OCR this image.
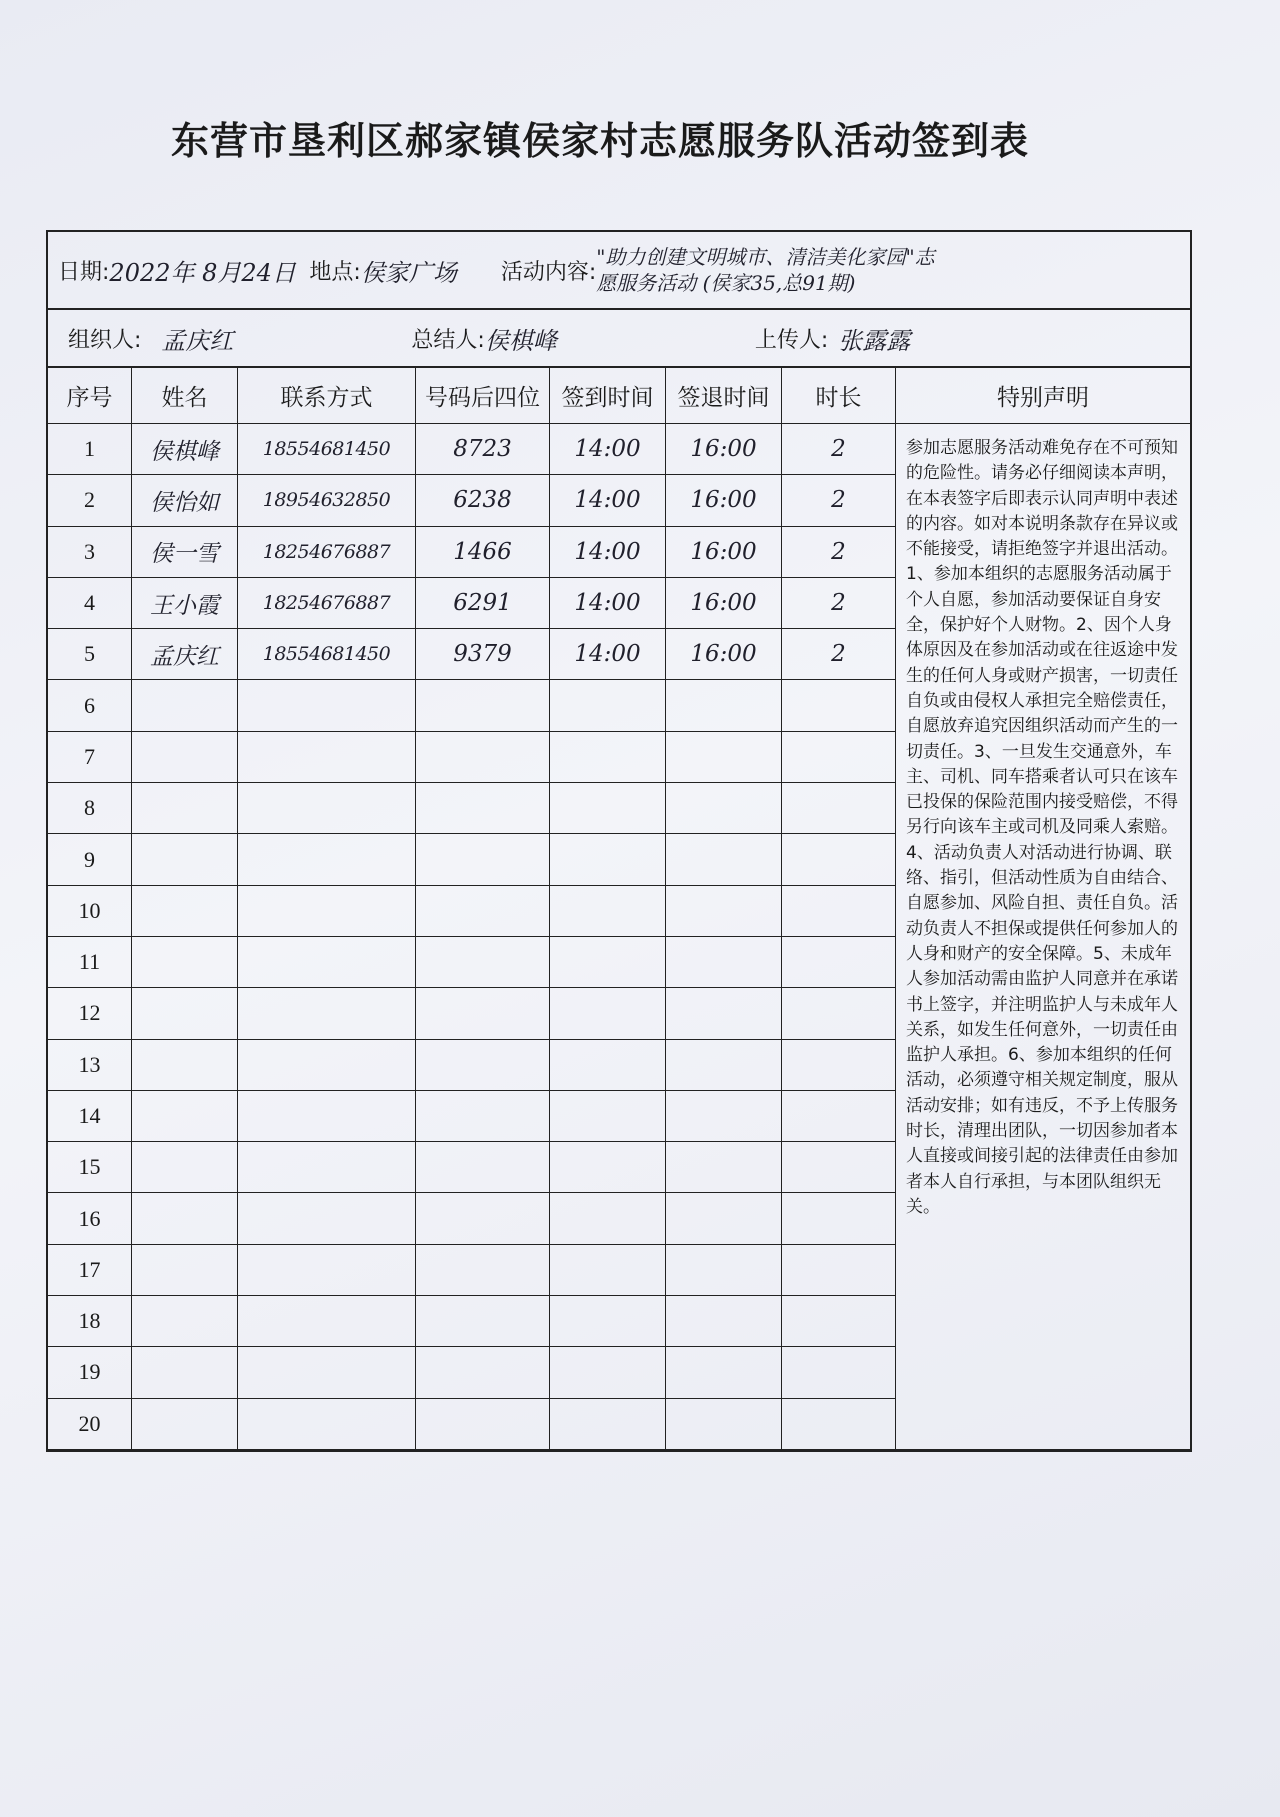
东营市垦利区郝家镇侯家村志愿服务队活动签到表
日期: 2022年 8月24日 地点: 侯家广场	活动内容:
"助力创建文明城市、清洁美化家园"志
愿服务活动 (侯家35,总91期)
组织人: 孟庆红	总结人: 侯棋峰	上传人: 张露露
序号	姓名	联系方式	号码后四位 签到时间	签退时间	时长	特别声明
参加志愿服务活动难免存在不可预知的危险性。请务必仔细阅读本声明，在本表签字后即表示认同声明中表述的内容。如对本说明条款存在异议或不能接受，请拒绝签字并退出活动。 1、参加本组织的志愿服务活动属于个人自愿，参加活动要保证自身安全，保护好个人财物。2、因个人身体原因及在参加活动或在往返途中发生的任何人身或财产损害，一切责任自负或由侵权人承担完全赔偿责任，自愿放弃追究因组织活动而产生的一切责任。3、一旦发生交通意外，车主、司机、同车搭乘者认可只在该车已投保的保险范围内接受赔偿，不得另行向该车主或司机及同乘人索赔。4、活动负责人对活动进行协调、联络、指引，但活动性质为自由结合、自愿参加、风险自担、责任自负。活动负责人不担保或提供任何参加人的人身和财产的安全保障。5、未成年人参加活动需由监护人同意并在承诺书上签字，并注明监护人与未成年人关系，如发生任何意外，一切责任由监护人承担。6、参加本组织的任何活动，必须遵守相关规定制度，服从活动安排；如有违反，不予上传服务时长，清理出团队，一切因参加者本人直接或间接引起的法律责任由参加者本人自行承担，与本团队组织无关。
1	侯棋峰	18554681450	8723	14:00	16:00	2
2	侯怡如	18954632850	6238	14:00	16:00	2
3	侯一雪	18254676887	1466	14:00	16:00	2
4	王小霞	18254676887	6291	14:00	16:00	2
5	孟庆红	18554681450	9379	14:00	16:00	2
6
7
8
9
10
11
12
13
14
15
16
17
18
19
20
